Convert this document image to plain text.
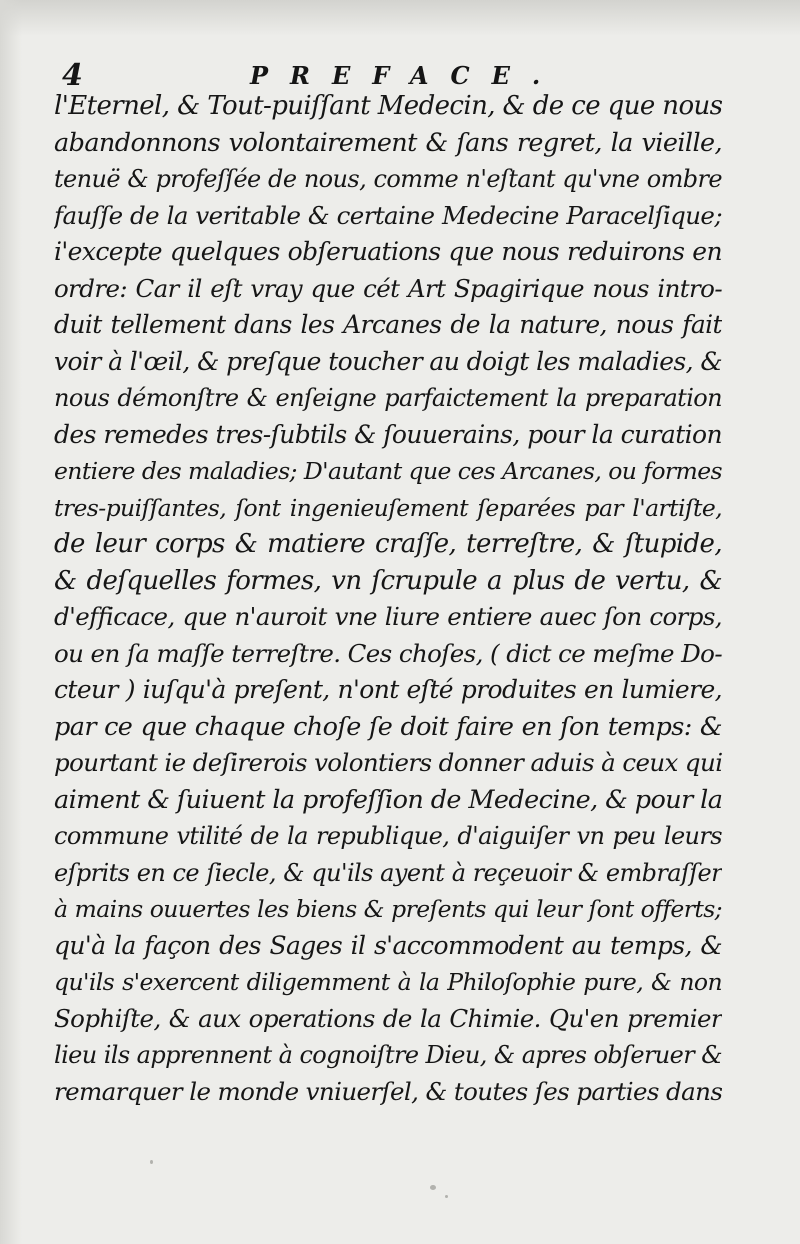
4	PREFACE.
l'Eternel, & Tout-puiſſant Medecin, & de ce que nous
abandonnons volontairement & ſans regret, la vieille,
tenuë & profeſſée de nous, comme n'eſtant qu'vne ombre
fauſſe de la veritable & certaine Medecine Paracelſique;
i'excepte quelques obſeruations que nous reduirons en
ordre: Car il eſt vray que cét Art Spagirique nous intro-
duit tellement dans les Arcanes de la nature, nous fait
voir à l'œil, & preſque toucher au doigt les maladies, &
nous démonſtre & enſeigne parfaictement la preparation
des remedes tres-ſubtils & ſouuerains, pour la curation
entiere des maladies; D'autant que ces Arcanes, ou formes
tres-puiſſantes, ſont ingenieuſement ſeparées par l'artiſte,
de leur corps & matiere craſſe, terreſtre, & ſtupide,
& deſquelles formes, vn ſcrupule a plus de vertu, &
d'efficace, que n'auroit vne liure entiere auec ſon corps,
ou en ſa maſſe terreſtre. Ces choſes, ( dict ce meſme Do-
cteur ) iuſqu'à preſent, n'ont eſté produites en lumiere,
par ce que chaque choſe ſe doit faire en ſon temps: &
pourtant ie deſirerois volontiers donner aduis à ceux qui
aiment & ſuiuent la profeſſion de Medecine, & pour la
commune vtilité de la republique, d'aiguiſer vn peu leurs
eſprits en ce ſiecle, & qu'ils ayent à reçeuoir & embraſſer
à mains ouuertes les biens & preſents qui leur ſont offerts;
qu'à la façon des Sages il s'accommodent au temps, &
qu'ils s'exercent diligemment à la Philoſophie pure, & non
Sophiſte, & aux operations de la Chimie. Qu'en premier
lieu ils apprennent à cognoiſtre Dieu, & apres obſeruer &
remarquer le monde vniuerſel, & toutes ſes parties dans
